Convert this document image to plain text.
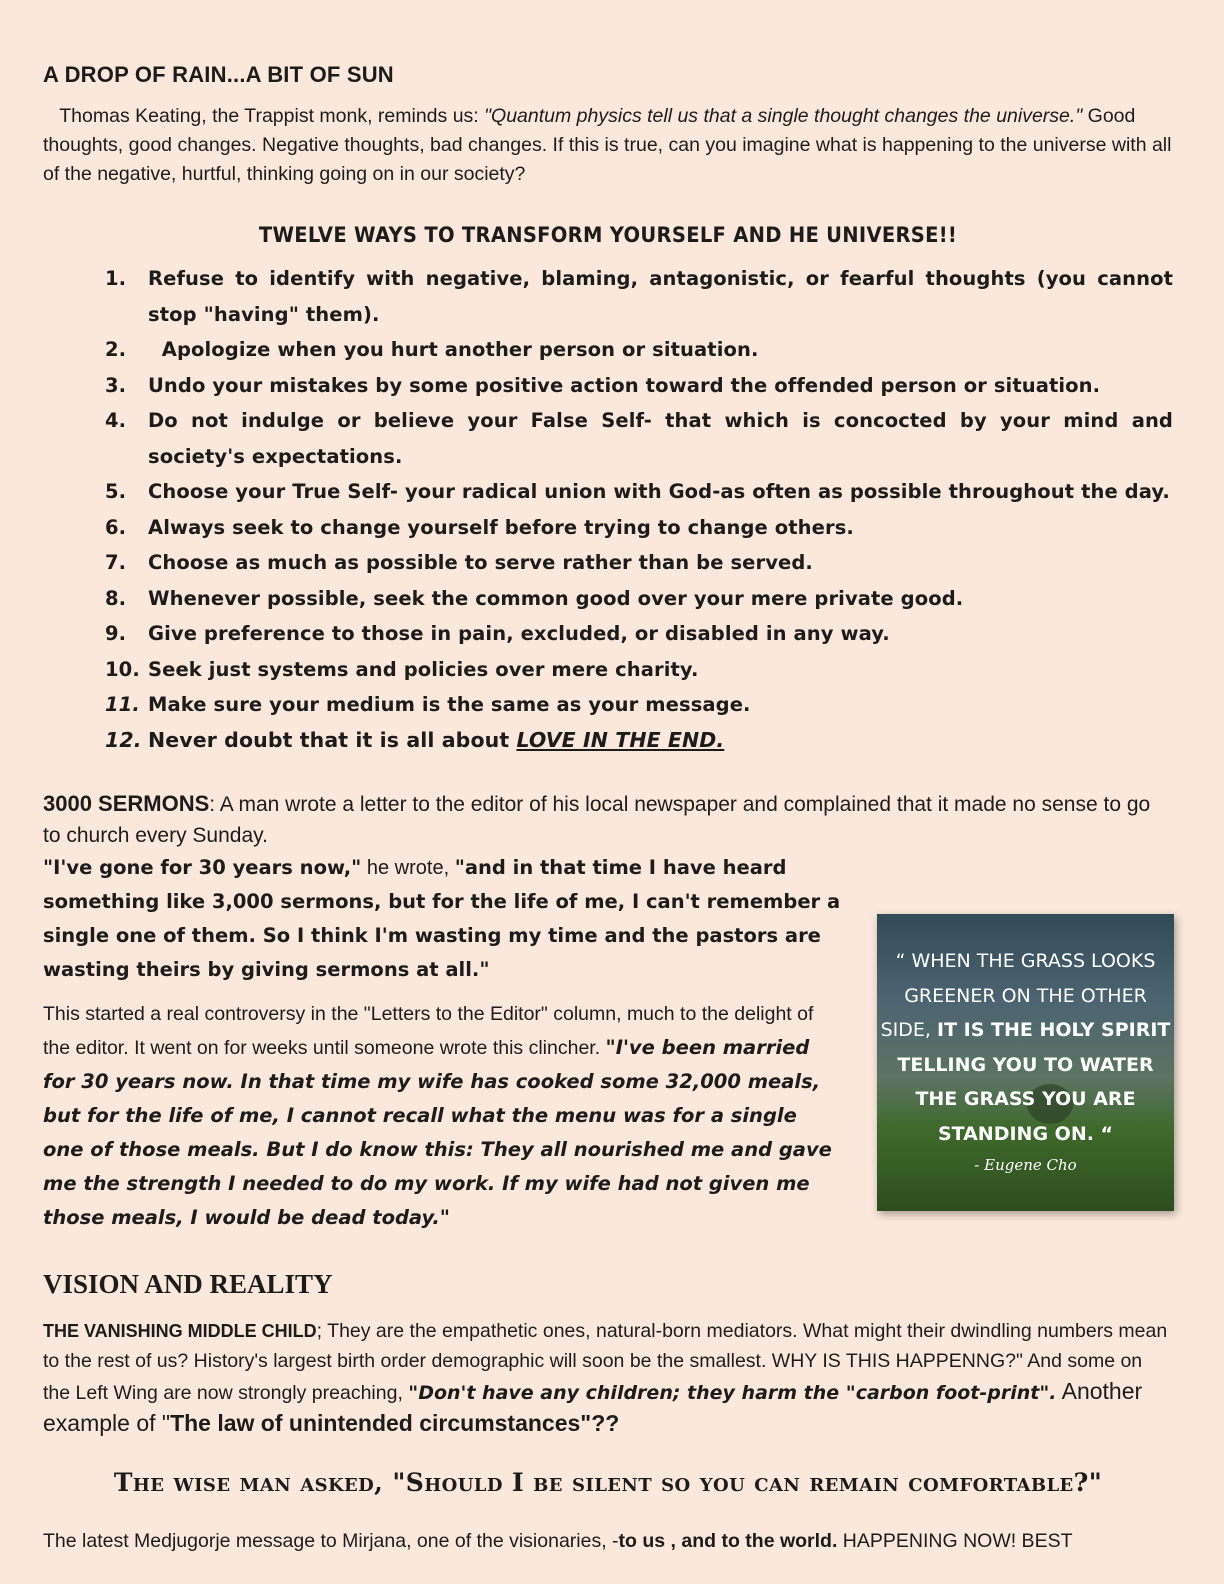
A DROP OF RAIN...A BIT OF SUN

Thomas Keating, the Trappist monk, reminds us: "Quantum physics tell us that a single thought changes the universe." Good thoughts, good changes. Negative thoughts, bad changes. If this is true, can you imagine what is happening to the universe with all of the negative, hurtful, thinking going on in our society?

TWELVE WAYS TO TRANSFORM YOURSELF AND HE UNIVERSE!!
1. Refuse to identify with negative, blaming, antagonistic, or fearful thoughts (you cannot stop "having" them).
2. Apologize when you hurt another person or situation.
3. Undo your mistakes by some positive action toward the offended person or situation.
4. Do not indulge or believe your False Self- that which is concocted by your mind and society's expectations.
5. Choose your True Self- your radical union with God-as often as possible throughout the day.
6. Always seek to change yourself before trying to change others.
7. Choose as much as possible to serve rather than be served.
8. Whenever possible, seek the common good over your mere private good.
9. Give preference to those in pain, excluded, or disabled in any way.
10. Seek just systems and policies over mere charity.
11. Make sure your medium is the same as your message.
12. Never doubt that it is all about LOVE IN THE END.
3000 SERMONS: A man wrote a letter to the editor of his local newspaper and complained that it made no sense to go to church every Sunday.

"I've gone for 30 years now," he wrote, "and in that time I have heard something like 3,000 sermons, but for the life of me, I can't remember a single one of them. So I think I'm wasting my time and the pastors are wasting theirs by giving sermons at all."

This started a real controversy in the "Letters to the Editor" column, much to the delight of the editor. It went on for weeks until someone wrote this clincher. "I've been married for 30 years now. In that time my wife has cooked some 32,000 meals, but for the life of me, I cannot recall what the menu was for a single one of those meals. But I do know this: They all nourished me and gave me the strength I needed to do my work. If my wife had not given me those meals, I would be dead today."

“ WHEN THE GRASS LOOKS
GREENER ON THE OTHER
SIDE, IT IS THE HOLY SPIRIT
TELLING YOU TO WATER
THE GRASS YOU ARE
STANDING ON. “
- Eugene Cho
VISION AND REALITY

THE VANISHING MIDDLE CHILD; They are the empathetic ones, natural-born mediators. What might their dwindling numbers mean to the rest of us? History's largest birth order demographic will soon be the smallest. WHY IS THIS HAPPENNG?" And some on the Left Wing are now strongly preaching, "Don't have any children; they harm the "carbon foot-print". Another example of "The law of unintended circumstances"??

The wise man asked, "Should I be silent so you can remain comfortable?"
The latest Medjugorje message to Mirjana, one of the visionaries, -to us , and to the world. HAPPENING NOW! BEST
